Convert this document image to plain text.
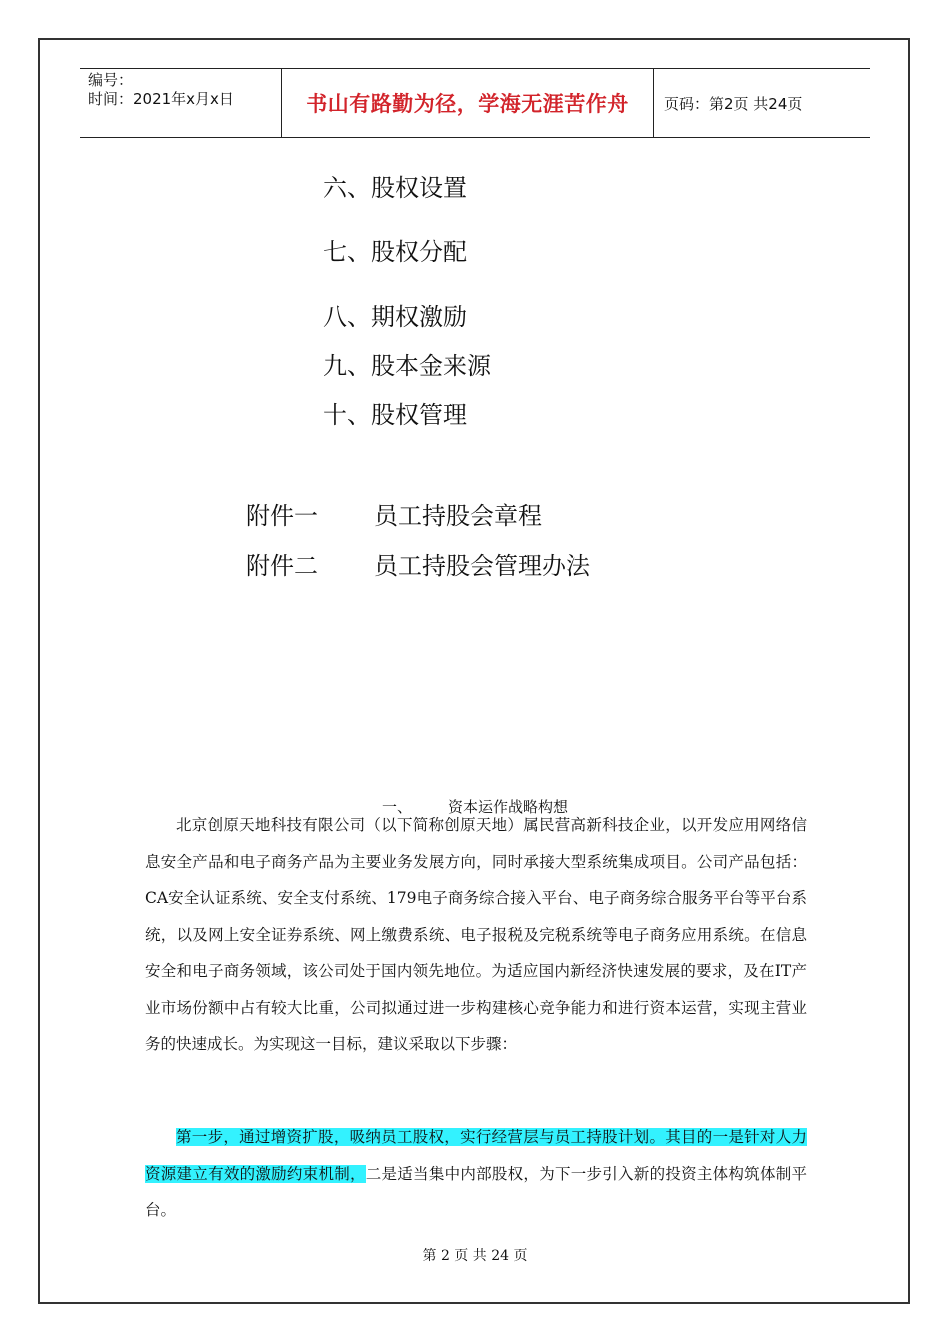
编号：
时间：2021年x月x日	书山有路勤为径，学海无涯苦作舟	页码：第2页 共24页
六、股权设置
七、股权分配
八、期权激励
九、股本金来源
十、股权管理
附件一 员工持股会章程
附件二 员工持股会管理办法
一、 资本运作战略构想
北京创原天地科技有限公司（以下简称创原天地）属民营高新科技企业，以开发应用网络信息安全产品和电子商务产品为主要业务发展方向，同时承接大型系统集成项目。公司产品包括：CA安全认证系统、安全支付系统、179电子商务综合接入平台、电子商务综合服务平台等平台系统，以及网上安全证券系统、网上缴费系统、电子报税及完税系统等电子商务应用系统。在信息安全和电子商务领域，该公司处于国内领先地位。为适应国内新经济快速发展的要求，及在IT产业市场份额中占有较大比重，公司拟通过进一步构建核心竞争能力和进行资本运营，实现主营业务的快速成长。为实现这一目标，建议采取以下步骤：
第一步，通过增资扩股，吸纳员工股权，实行经营层与员工持股计划。其目的一是针对人力资源建立有效的激励约束机制，二是适当集中内部股权，为下一步引入新的投资主体构筑体制平台。
第 2 页 共 24 页
